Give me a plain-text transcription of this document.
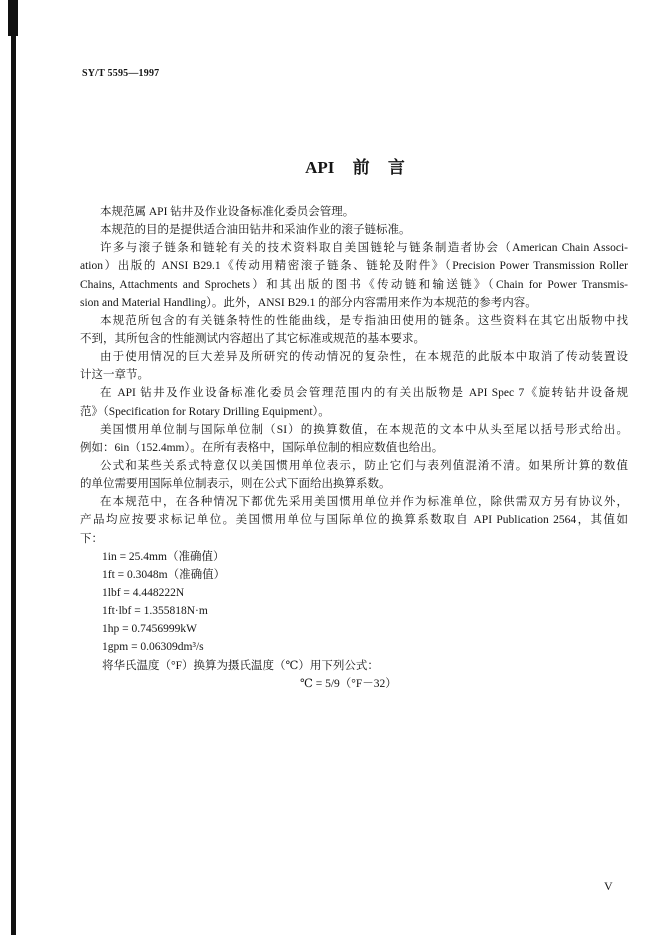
SY/T 5595—1997
API 前 言
本规范属 API 钻井及作业设备标准化委员会管理。
本规范的目的是提供适合油田钻井和采油作业的滚子链标准。
许多与滚子链条和链轮有关的技术资料取自美国链轮与链条制造者协会（American Chain Associ-
ation）出版的 ANSI B29.1《传动用精密滚子链条、链轮及附件》（Precision Power Transmission Roller
Chains, Attachments and Sprochets）和其出版的图书《传动链和输送链》（Chain for Power Transmis-
sion and Material Handling）。此外，ANSI B29.1 的部分内容需用来作为本规范的参考内容。
本规范所包含的有关链条特性的性能曲线，是专指油田使用的链条。这些资料在其它出版物中找
不到，其所包含的性能测试内容超出了其它标准或规范的基本要求。
由于使用情况的巨大差异及所研究的传动情况的复杂性，在本规范的此版本中取消了传动装置设
计这一章节。
在 API 钻井及作业设备标准化委员会管理范围内的有关出版物是 API Spec 7《旋转钻井设备规
范》（Specification for Rotary Drilling Equipment）。
美国惯用单位制与国际单位制（SI）的换算数值，在本规范的文本中从头至尾以括号形式给出。
例如：6in（152.4mm）。在所有表格中，国际单位制的相应数值也给出。
公式和某些关系式特意仅以美国惯用单位表示，防止它们与表列值混淆不清。如果所计算的数值
的单位需要用国际单位制表示，则在公式下面给出换算系数。
在本规范中，在各种情况下都优先采用美国惯用单位并作为标准单位，除供需双方另有协议外，
产品均应按要求标记单位。美国惯用单位与国际单位的换算系数取自 API Publication 2564，其值如
下：
1in = 25.4mm（准确值）
1ft = 0.3048m（准确值）
1lbf = 4.448222N
1ft·lbf = 1.355818N·m
1hp = 0.7456999kW
1gpm = 0.06309dm³/s
将华氏温度（°F）换算为摄氏温度（℃）用下列公式：
℃ = 5/9（°F－32）
V
